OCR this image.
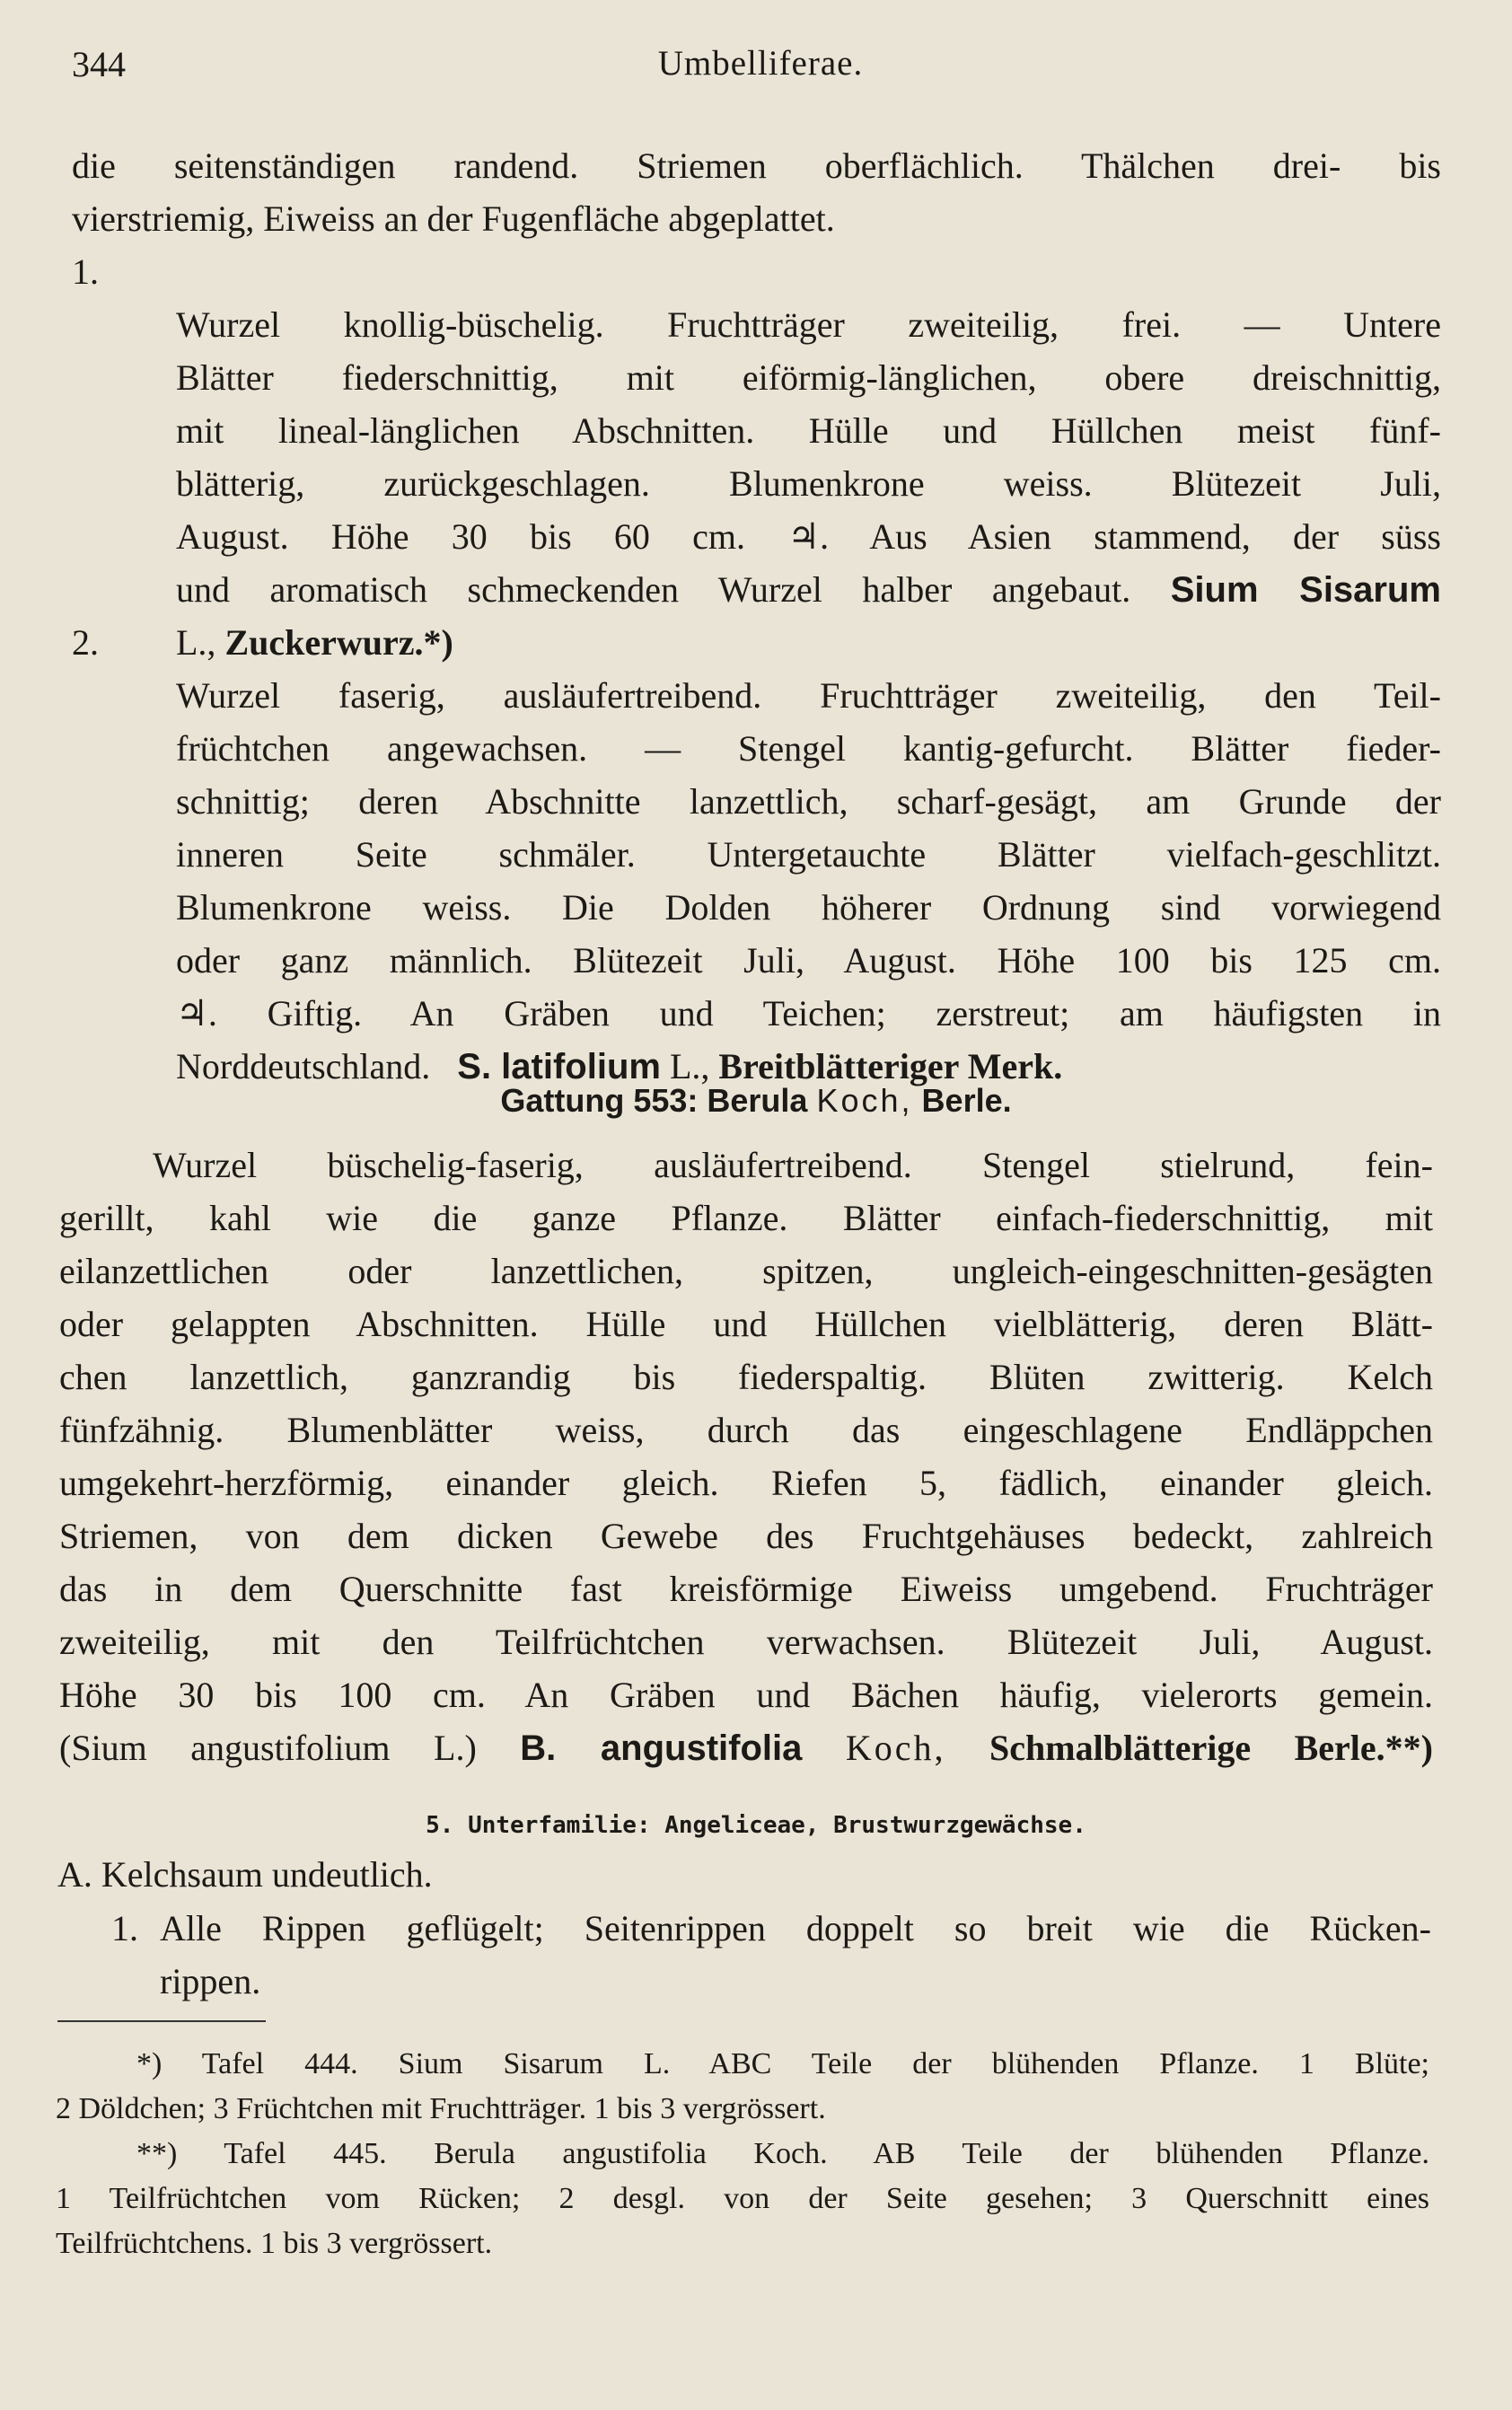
344	Umbelliferae.
die seitenständigen randend. Striemen oberflächlich. Thälchen drei- bis
vierstriemig, Eiweiss an der Fugenfläche abgeplattet.
1.
Wurzel knollig-büschelig. Fruchtträger zweiteilig, frei. — Untere
Blätter fiederschnittig, mit eiförmig-länglichen, obere dreischnittig,
mit lineal-länglichen Abschnitten. Hülle und Hüllchen meist fünf-
blätterig, zurückgeschlagen. Blumenkrone weiss. Blütezeit Juli,
August. Höhe 30 bis 60 cm. ♃. Aus Asien stammend, der süss
und aromatisch schmeckenden Wurzel halber angebaut. Sium Sisarum
L., Zuckerwurz.*)
2.
Wurzel faserig, ausläufertreibend. Fruchtträger zweiteilig, den Teil-
früchtchen angewachsen. — Stengel kantig-gefurcht. Blätter fieder-
schnittig; deren Abschnitte lanzettlich, scharf-gesägt, am Grunde der
inneren Seite schmäler. Untergetauchte Blätter vielfach-geschlitzt.
Blumenkrone weiss. Die Dolden höherer Ordnung sind vorwiegend
oder ganz männlich. Blütezeit Juli, August. Höhe 100 bis 125 cm.
♃. Giftig. An Gräben und Teichen; zerstreut; am häufigsten in
Norddeutschland. S. latifolium L., Breitblätteriger Merk.
Gattung 553: Berula Koch, Berle.
Wurzel büschelig-faserig, ausläufertreibend. Stengel stielrund, fein-
gerillt, kahl wie die ganze Pflanze. Blätter einfach-fiederschnittig, mit
eilanzettlichen oder lanzettlichen, spitzen, ungleich-eingeschnitten-gesägten
oder gelappten Abschnitten. Hülle und Hüllchen vielblätterig, deren Blätt-
chen lanzettlich, ganzrandig bis fiederspaltig. Blüten zwitterig. Kelch
fünfzähnig. Blumenblätter weiss, durch das eingeschlagene Endläppchen
umgekehrt-herzförmig, einander gleich. Riefen 5, fädlich, einander gleich.
Striemen, von dem dicken Gewebe des Fruchtgehäuses bedeckt, zahlreich
das in dem Querschnitte fast kreisförmige Eiweiss umgebend. Fruchträger
zweiteilig, mit den Teilfrüchtchen verwachsen. Blütezeit Juli, August.
Höhe 30 bis 100 cm. An Gräben und Bächen häufig, vielerorts gemein.
(Sium angustifolium L.) B. angustifolia Koch, Schmalblätterige Berle.**)
5. Unterfamilie: Angeliceae, Brustwurzgewächse.
A. Kelchsaum undeutlich.
1. Alle Rippen geflügelt; Seitenrippen doppelt so breit wie die Rücken-
rippen.
*) Tafel 444. Sium Sisarum L. ABC Teile der blühenden Pflanze. 1 Blüte;
2 Döldchen; 3 Früchtchen mit Fruchtträger. 1 bis 3 vergrössert.
**) Tafel 445. Berula angustifolia Koch. AB Teile der blühenden Pflanze.
1 Teilfrüchtchen vom Rücken; 2 desgl. von der Seite gesehen; 3 Querschnitt eines
Teilfrüchtchens. 1 bis 3 vergrössert.
